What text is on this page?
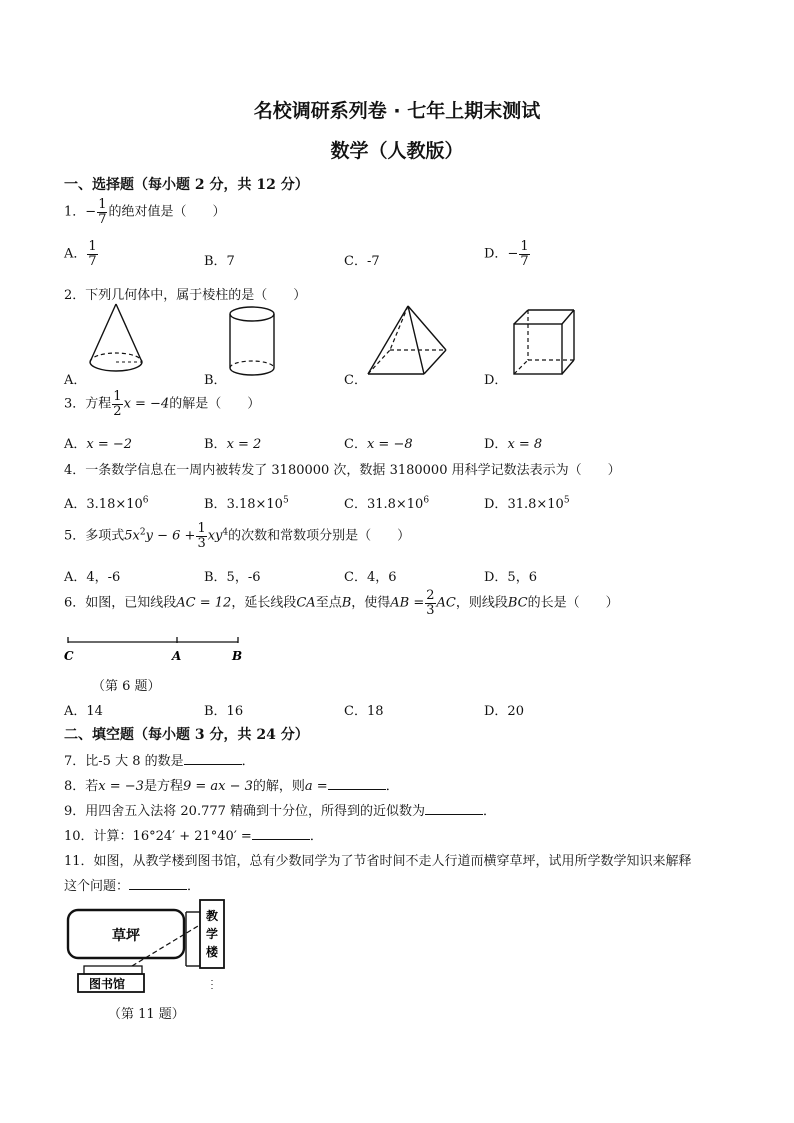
名校调研系列卷 · 七年上期末测试
数学（人教版）
一、选择题（每小题 2 分，共 12 分）
1．− $\frac{1}{7}$ 的绝对值是（　　）
A． $\frac{1}{7}$	B．7	C．-7	D．− $\frac{1}{7}$
2．下列几何体中，属于棱柱的是（　　）
A．	B．	C．	D．
3．方程 $\frac{1}{2}$ x = −4的解是（　　）
A．x = −2	B．x = 2	C．x = −8	D．x = 8
4．一条数学信息在一周内被转发了 3180000 次，数据 3180000 用科学记数法表示为（　　）
A．$3.18\times 10^6$	B．$3.18\times 10^5$	C．$31.8\times 10^6$	D．$31.8\times 10^5$
5．多项式$5x^2y - 6 + \frac{1}{3} xy^4$的次数和常数项分别是（　　）
A．4，-6	B．5，-6	C．4，6	D．5，6
6．如图，已知线段AC = 12，延长线段CA至点B，使得AB = $\frac{2}{3}$ AC，则线段BC的长是（　　）
C	A	B
（第 6 题）
A．14	B．16	C．18	D．20
二、填空题（每小题 3 分，共 24 分）
7．比-5 大 8 的数是	．
8．若x = −3是方程9 = ax − 3的解，则a =	．
9．用四舍五入法将 20.777 精确到十分位，所得到的近似数为	．
10．计算：16°24′ + 21°40′ =	．
11．如图，从教学楼到图书馆，总有少数同学为了节省时间不走人行道而横穿草坪，试用所学数学知识来解释
这个问题：	．
草坪
教
学
楼
图书馆
（第 11 题）
